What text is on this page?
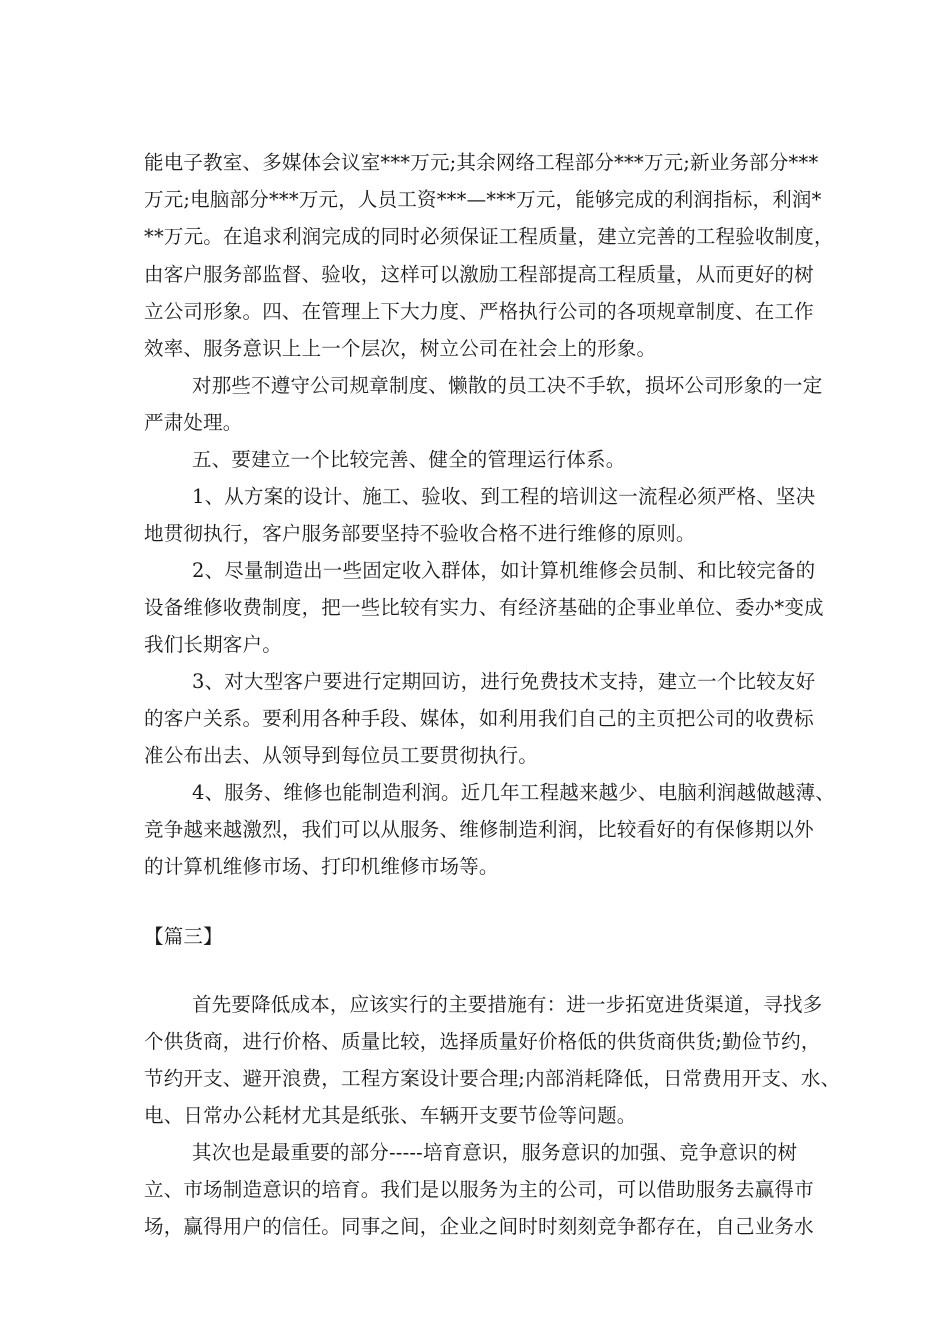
能电子教室、多媒体会议室***万元;其余网络工程部分***万元;新业务部分***
万元;电脑部分***万元，人员工资***—***万元，能够完成的利润指标，利润*
**万元。在追求利润完成的同时必须保证工程质量，建立完善的工程验收制度，
由客户服务部监督、验收，这样可以激励工程部提高工程质量，从而更好的树
立公司形象。四、在管理上下大力度、严格执行公司的各项规章制度、在工作
效率、服务意识上上一个层次，树立公司在社会上的形象。
对那些不遵守公司规章制度、懒散的员工决不手软，损坏公司形象的一定
严肃处理。
五、要建立一个比较完善、健全的管理运行体系。
1、从方案的设计、施工、验收、到工程的培训这一流程必须严格、坚决
地贯彻执行，客户服务部要坚持不验收合格不进行维修的原则。
2、尽量制造出一些固定收入群体，如计算机维修会员制、和比较完备的
设备维修收费制度，把一些比较有实力、有经济基础的企事业单位、委办*变成
我们长期客户。
3、对大型客户要进行定期回访，进行免费技术支持，建立一个比较友好
的客户关系。要利用各种手段、媒体，如利用我们自己的主页把公司的收费标
准公布出去、从领导到每位员工要贯彻执行。
4、服务、维修也能制造利润。近几年工程越来越少、电脑利润越做越薄、
竞争越来越激烈，我们可以从服务、维修制造利润，比较看好的有保修期以外
的计算机维修市场、打印机维修市场等。
【篇三】
首先要降低成本，应该实行的主要措施有：进一步拓宽进货渠道，寻找多
个供货商，进行价格、质量比较，选择质量好价格低的供货商供货;勤俭节约，
节约开支、避开浪费，工程方案设计要合理;内部消耗降低，日常费用开支、水、
电、日常办公耗材尤其是纸张、车辆开支要节俭等问题。
其次也是最重要的部分-----培育意识，服务意识的加强、竞争意识的树
立、市场制造意识的培育。我们是以服务为主的公司，可以借助服务去赢得市
场，赢得用户的信任。同事之间，企业之间时时刻刻竞争都存在，自己业务水
